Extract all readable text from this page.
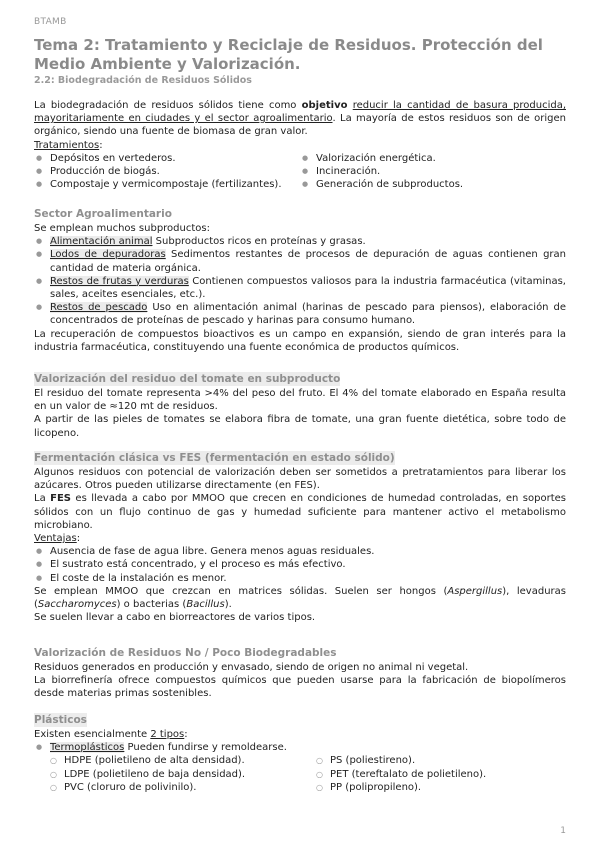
BTAMB
Tema 2: Tratamiento y Reciclaje de Residuos. Protección del Medio Ambiente y Valorización.
2.2: Biodegradación de Residuos Sólidos

La biodegradación de residuos sólidos tiene como objetivo reducir la cantidad de basura producida, mayoritariamente en ciudades y el sector agroalimentario. La mayoría de estos residuos son de origen orgánico, siendo una fuente de biomasa de gran valor.

Tratamientos:

● Depósitos en vertederos.
● Producción de biogás.
● Compostaje y vermicompostaje (fertilizantes).
● Valorización energética.
● Incineración.
● Generación de subproductos.

Sector Agroalimentario

Se emplean muchos subproductos:

● Alimentación animal Subproductos ricos en proteínas y grasas.
● Lodos de depuradoras Sedimentos restantes de procesos de depuración de aguas contienen gran cantidad de materia orgánica.
● Restos de frutas y verduras Contienen compuestos valiosos para la industria farmacéutica (vitaminas, sales, aceites esenciales, etc.).
● Restos de pescado Uso en alimentación animal (harinas de pescado para piensos), elaboración de concentrados de proteínas de pescado y harinas para consumo humano.

La recuperación de compuestos bioactivos es un campo en expansión, siendo de gran interés para la industria farmacéutica, constituyendo una fuente económica de productos químicos.

Valorización del residuo del tomate en subproducto

El residuo del tomate representa >4% del peso del fruto. El 4% del tomate elaborado en España resulta en un valor de ≈120 mt de residuos.

A partir de las pieles de tomates se elabora fibra de tomate, una gran fuente dietética, sobre todo de licopeno.

Fermentación clásica vs FES (fermentación en estado sólido)

Algunos residuos con potencial de valorización deben ser sometidos a pretratamientos para liberar los azúcares. Otros pueden utilizarse directamente (en FES).

La FES es llevada a cabo por MMOO que crecen en condiciones de humedad controladas, en soportes sólidos con un flujo continuo de gas y humedad suficiente para mantener activo el metabolismo microbiano.

Ventajas:

● Ausencia de fase de agua libre. Genera menos aguas residuales.
● El sustrato está concentrado, y el proceso es más efectivo.
● El coste de la instalación es menor.

Se emplean MMOO que crezcan en matrices sólidas. Suelen ser hongos (Aspergillus), levaduras (Saccharomyces) o bacterias (Bacillus).

Se suelen llevar a cabo en biorreactores de varios tipos.

Valorización de Residuos No / Poco Biodegradables

Residuos generados en producción y envasado, siendo de origen no animal ni vegetal.

La biorrefinería ofrece compuestos químicos que pueden usarse para la fabricación de biopolímeros desde materias primas sostenibles.

Plásticos

Existen esencialmente 2 tipos:

● Termoplásticos Pueden fundirse y remoldearse.
○ HDPE (polietileno de alta densidad).
○ LDPE (polietileno de baja densidad).
○ PVC (cloruro de polivinilo).
○ PS (poliestireno).
○ PET (tereftalato de polietileno).
○ PP (polipropileno).
1
